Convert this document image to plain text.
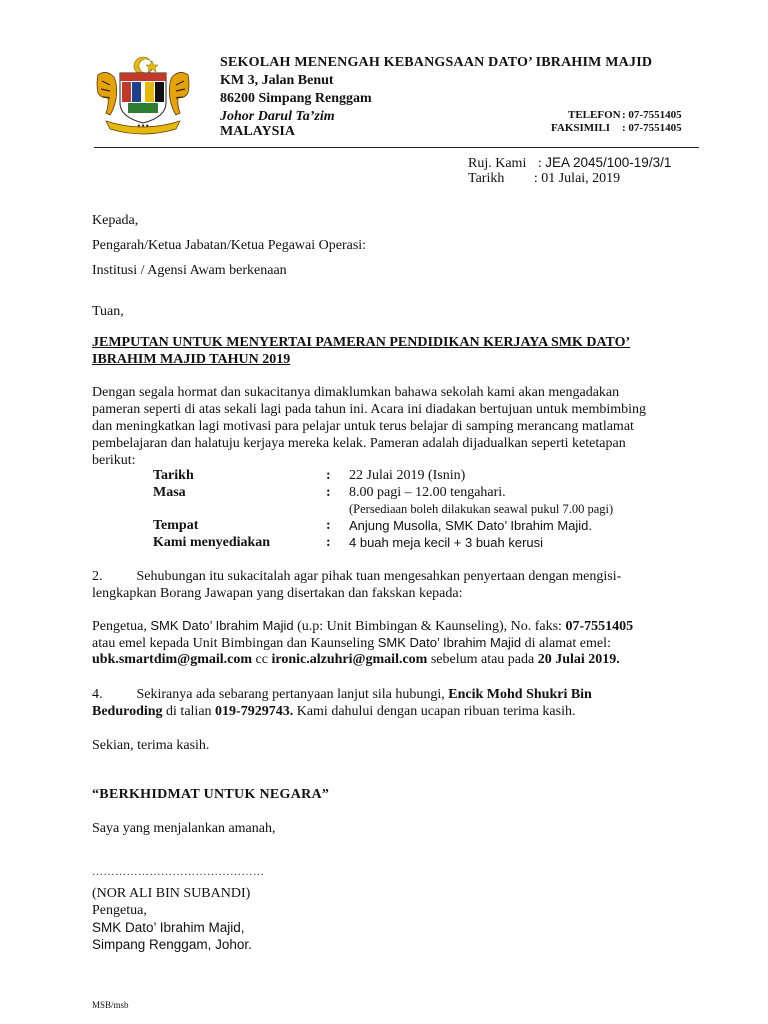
● ● ●
SEKOLAH MENENGAH KEBANGSAAN DATO’ IBRAHIM MAJID
KM 3, Jalan Benut
86200 Simpang Renggam
Johor Darul Ta’zim
MALAYSIA
TELEFON : 07-7551405
FAKSIMILI : 07-7551405
Ruj. Kami : JEA 2045/100-19/3/1
Tarikh : 01 Julai, 2019
Kepada,
Pengarah/Ketua Jabatan/Ketua Pegawai Operasi:
Institusi / Agensi Awam berkenaan
Tuan,
JEMPUTAN UNTUK MENYERTAI PAMERAN PENDIDIKAN KERJAYA SMK DATO’
IBRAHIM MAJID TAHUN 2019
Dengan segala hormat dan sukacitanya dimaklumkan bahawa sekolah kami akan mengadakan
pameran seperti di atas sekali lagi pada tahun ini. Acara ini diadakan bertujuan untuk membimbing
dan meningkatkan lagi motivasi para pelajar untuk terus belajar di samping merancang matlamat
pembelajaran dan halatuju kerjaya mereka kelak. Pameran adalah dijadualkan seperti ketetapan
berikut:
Tarikh	: 22 Julai 2019 (Isnin)
Masa	: 8.00 pagi – 12.00 tengahari.
(Persediaan boleh dilakukan seawal pukul 7.00 pagi)
Tempat	: Anjung Musolla, SMK Dato’ Ibrahim Majid.
Kami menyediakan	: 4 buah meja kecil + 3 buah kerusi
2. Sehubungan itu sukacitalah agar pihak tuan mengesahkan penyertaan dengan mengisi-
lengkapkan Borang Jawapan yang disertakan dan fakskan kepada:
Pengetua, SMK Dato’ Ibrahim Majid (u.p: Unit Bimbingan & Kaunseling), No. faks: 07-7551405
atau emel kepada Unit Bimbingan dan Kaunseling SMK Dato’ Ibrahim Majid di alamat emel:
ubk.smartdim@gmail.com cc ironic.alzuhri@gmail.com sebelum atau pada 20 Julai 2019.
4. Sekiranya ada sebarang pertanyaan lanjut sila hubungi, Encik Mohd Shukri Bin
Beduroding di talian 019-7929743. Kami dahului dengan ucapan ribuan terima kasih.
Sekian, terima kasih.
“BERKHIDMAT UNTUK NEGARA”
Saya yang menjalankan amanah,
………………………………………
(NOR ALI BIN SUBANDI)
Pengetua,
SMK Dato’ Ibrahim Majid,
Simpang Renggam, Johor.
MSB/msb
